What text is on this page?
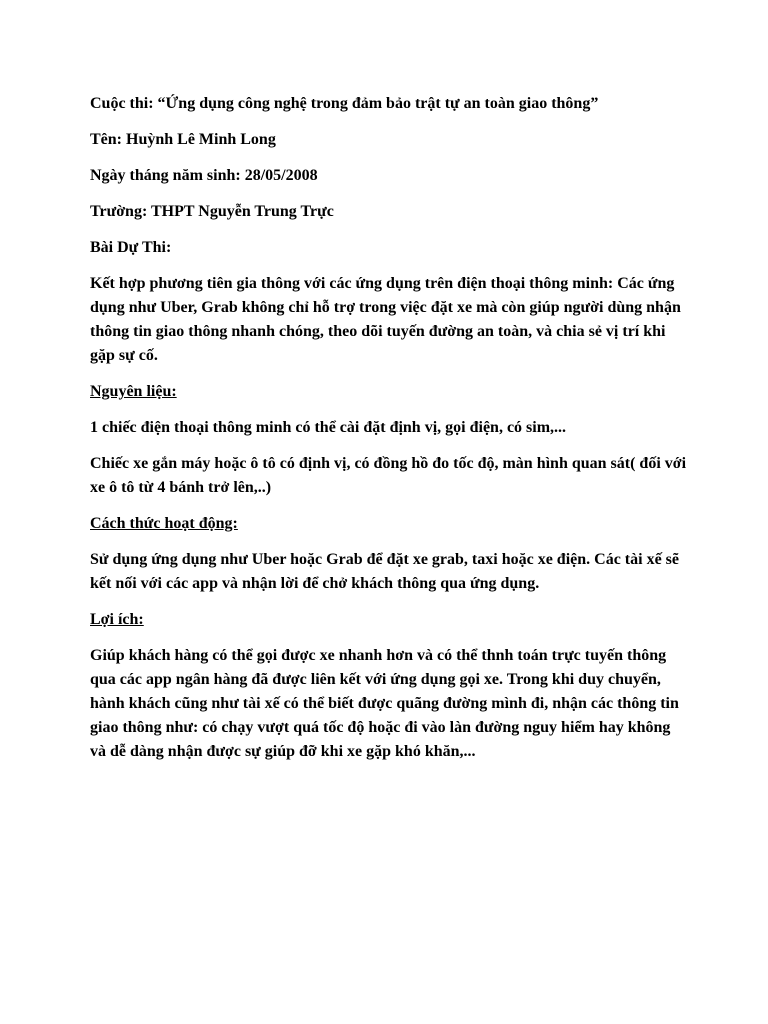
Cuộc thi: “Ứng dụng công nghệ trong đảm bảo trật tự an toàn giao thông”

Tên: Huỳnh Lê Minh Long

Ngày tháng năm sinh: 28/05/2008

Trường: THPT Nguyễn Trung Trực

Bài Dự Thi:

Kết hợp phương tiên gia thông với các ứng dụng trên điện thoại thông minh: Các ứng dụng như Uber, Grab không chỉ hỗ trợ trong việc đặt xe mà còn giúp người dùng nhận thông tin giao thông nhanh chóng, theo dõi tuyến đường an toàn, và chia sẻ vị trí khi gặp sự cố.

Nguyên liệu:

1 chiếc điện thoại thông minh có thể cài đặt định vị, gọi điện, có sim,...

Chiếc xe gắn máy hoặc ô tô có định vị, có đồng hồ đo tốc độ, màn hình quan sát( đối với xe ô tô từ 4 bánh trở lên,..)

Cách thức hoạt động:

Sử dụng ứng dụng như Uber hoặc Grab để đặt xe grab, taxi hoặc xe điện. Các tài xế sẽ kết nối với các app và nhận lời để chở khách thông qua ứng dụng.

Lợi ích:

Giúp khách hàng có thể gọi được xe nhanh hơn và có thể thnh toán trực tuyến thông qua các app ngân hàng đã được liên kết với ứng dụng gọi xe. Trong khi duy chuyển, hành khách cũng như tài xế có thể biết được quãng đường mình đi, nhận các thông tin giao thông như: có chạy vượt quá tốc độ hoặc đi vào làn đường nguy hiểm hay không và dễ dàng nhận được sự giúp đỡ khi xe gặp khó khăn,...
